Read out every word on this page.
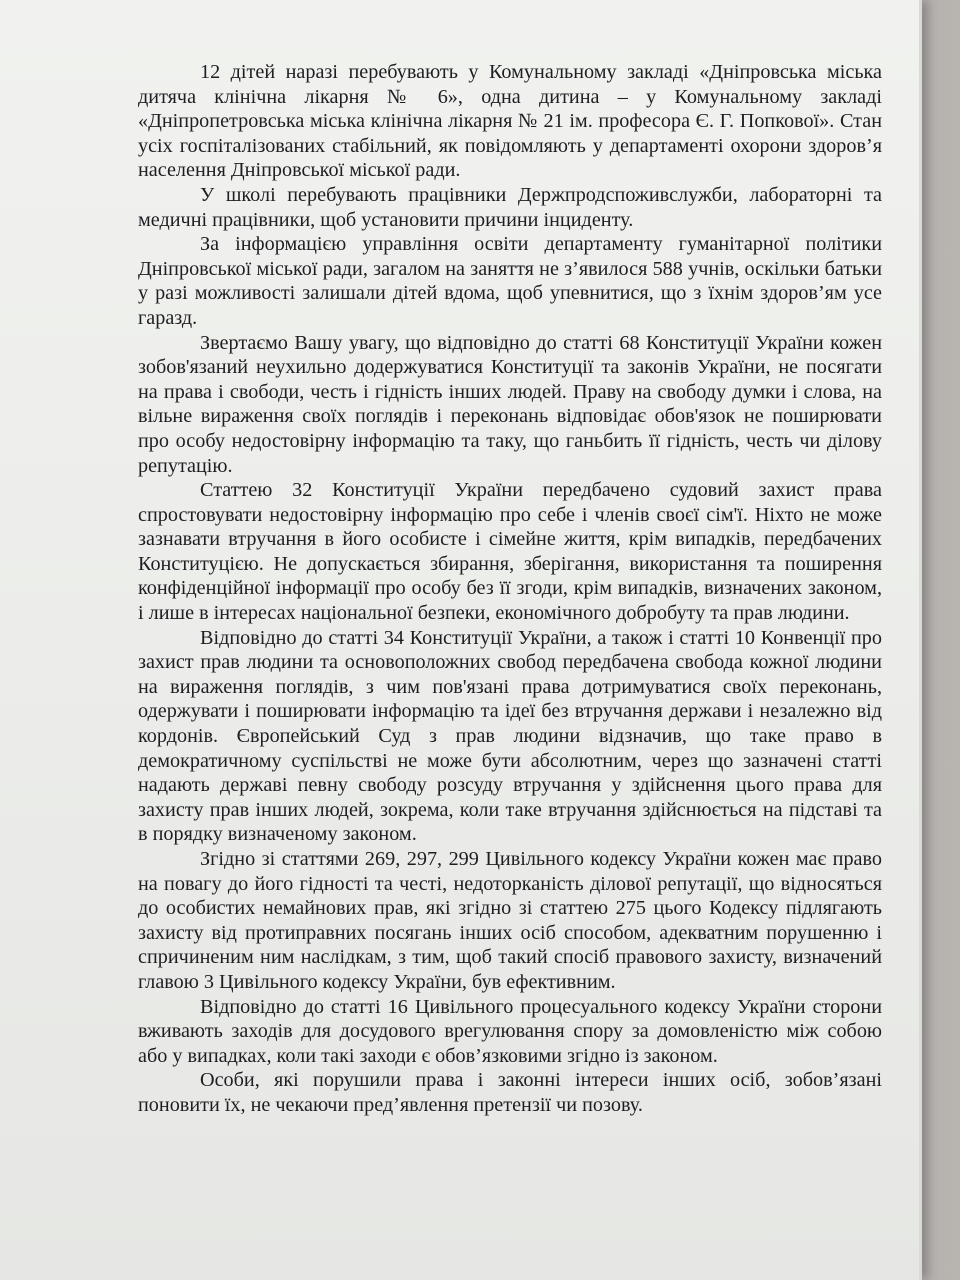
12 дітей наразі перебувають у Комунальному закладі «Дніпровська міська дитяча клінічна лікарня № 6», одна дитина – у Комунальному закладі «Дніпропетровська міська клінічна лікарня № 21 ім. професора Є. Г. Попкової». Стан усіх госпіталізованих стабільний, як повідомляють у департаменті охорони здоров’я населення Дніпровської міської ради.

У школі перебувають працівники Держпродспоживслужби, лабораторні та медичні працівники, щоб установити причини інциденту.

За інформацією управління освіти департаменту гуманітарної політики Дніпровської міської ради, загалом на заняття не з’явилося 588 учнів, оскільки батьки у разі можливості залишали дітей вдома, щоб упевнитися, що з їхнім здоров’ям усе гаразд.

Звертаємо Вашу увагу, що відповідно до статті 68 Конституції України кожен зобов'язаний неухильно додержуватися Конституції та законів України, не посягати на права і свободи, честь і гідність інших людей. Праву на свободу думки і слова, на вільне вираження своїх поглядів і переконань відповідає обов'язок не поширювати про особу недостовірну інформацію та таку, що ганьбить її гідність, честь чи ділову репутацію.

Статтею 32 Конституції України передбачено судовий захист права спростовувати недостовірну інформацію про себе і членів своєї сім'ї. Ніхто не може зазнавати втручання в його особисте і сімейне життя, крім випадків, передбачених Конституцією. Не допускається збирання, зберігання, використання та поширення конфіденційної інформації про особу без її згоди, крім випадків, визначених законом, і лише в інтересах національної безпеки, економічного добробуту та прав людини.

Відповідно до статті 34 Конституції України, а також і статті 10 Конвенції про захист прав людини та основоположних свобод передбачена свобода кожної людини на вираження поглядів, з чим пов'язані права дотримуватися своїх переконань, одержувати і поширювати інформацію та ідеї без втручання держави і незалежно від кордонів. Європейський Суд з прав людини відзначив, що таке право в демократичному суспільстві не може бути абсолютним, через що зазначені статті надають державі певну свободу розсуду втручання у здійснення цього права для захисту прав інших людей, зокрема, коли таке втручання здійснюється на підставі та в порядку визначеному законом.

Згідно зі статтями 269, 297, 299 Цивільного кодексу України кожен має право на повагу до його гідності та честі, недоторканість ділової репутації, що відносяться до особистих немайнових прав, які згідно зі статтею 275 цього Кодексу підлягають захисту від протиправних посягань інших осіб способом, адекватним порушенню і спричиненим ним наслідкам, з тим, щоб такий спосіб правового захисту, визначений главою 3 Цивільного кодексу України, був ефективним.

Відповідно до статті 16 Цивільного процесуального кодексу України сторони вживають заходів для досудового врегулювання спору за домовленістю між собою або у випадках, коли такі заходи є обов’язковими згідно із законом.

Особи, які порушили права і законні інтереси інших осіб, зобов’язані поновити їх, не чекаючи пред’явлення претензії чи позову.
